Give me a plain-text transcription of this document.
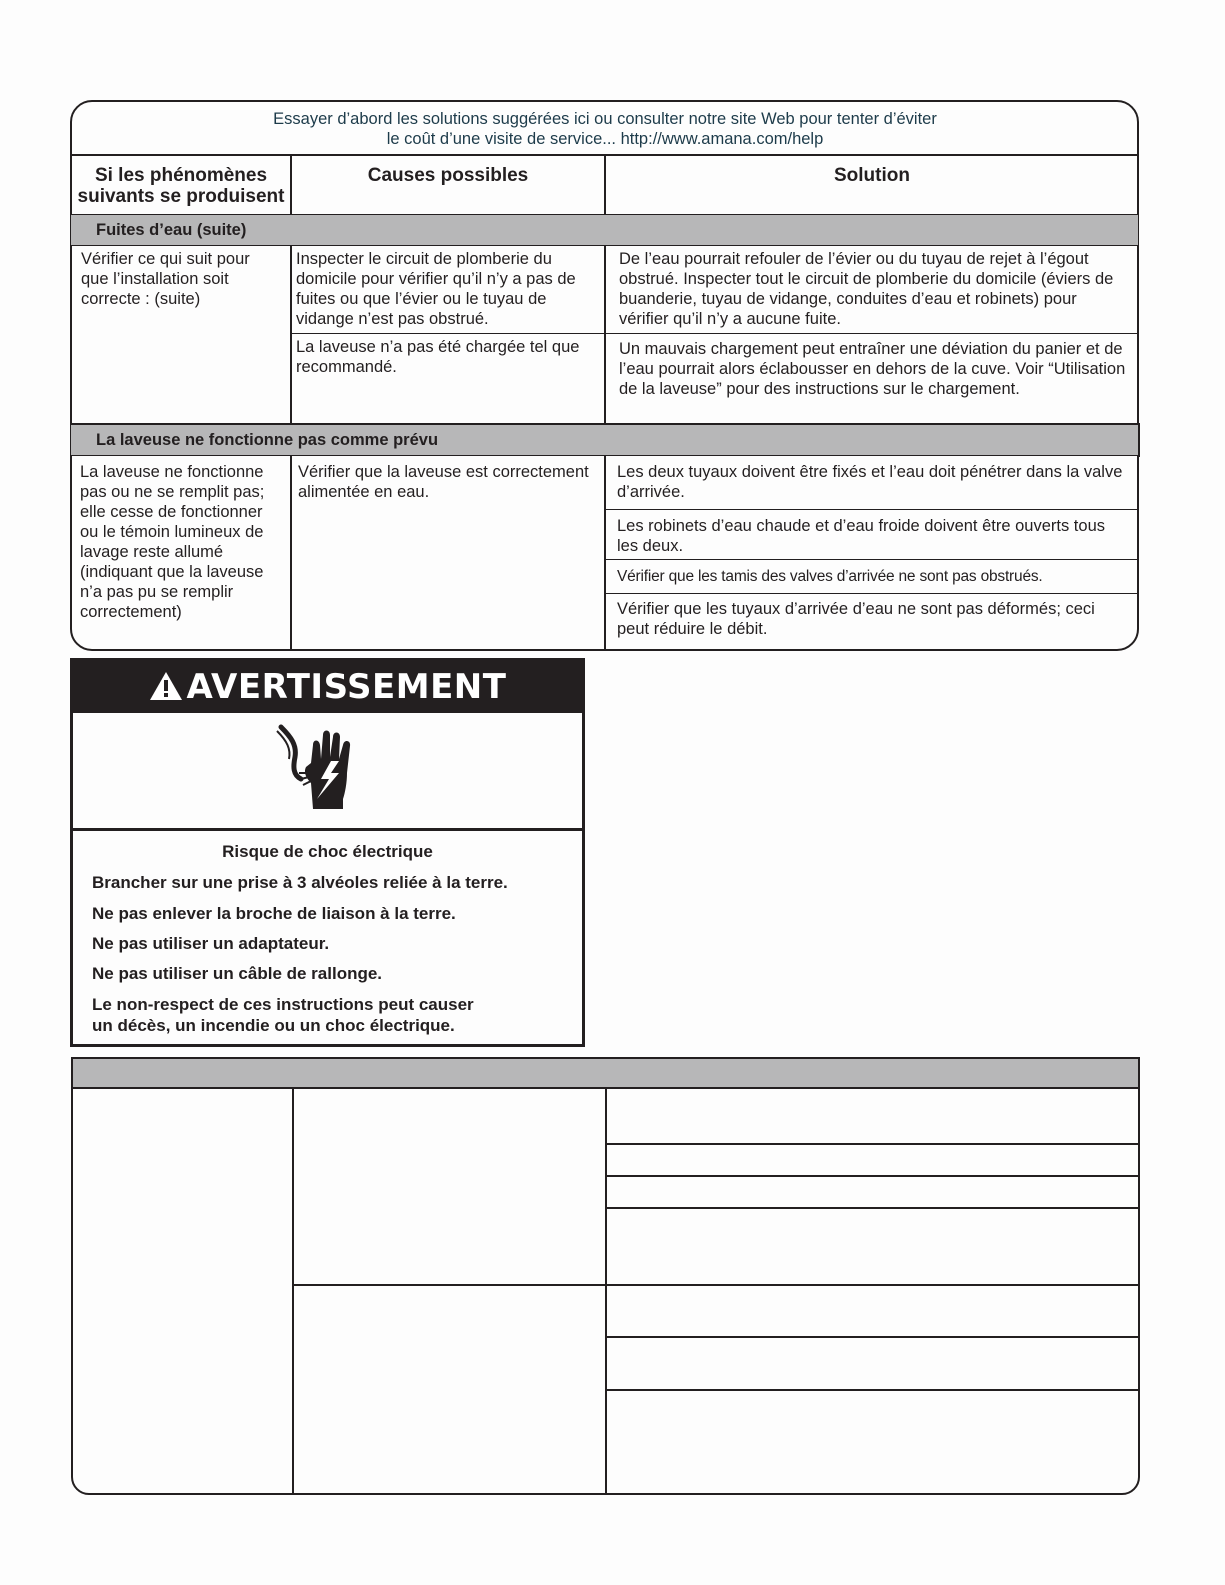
Essayer d’abord les solutions suggérées ici ou consulter notre site Web pour tenter d’éviter
le coût d’une visite de service... http://www.amana.com/help
Si les phénomènes
suivants se produisent
Causes possibles	Solution
Fuites d’eau (suite)
Vérifier ce qui suit pour que l’installation soit correcte : (suite)
Inspecter le circuit de plomberie du domicile pour vérifier qu’il n’y a pas de fuites ou que l’évier ou le tuyau de vidange n’est pas obstrué.
De l’eau pourrait refouler de l’évier ou du tuyau de rejet à l’égout obstrué. Inspecter tout le circuit de plomberie du domicile (éviers de buanderie, tuyau de vidange, conduites d’eau et robinets) pour vérifier qu’il n’y a aucune fuite.
La laveuse n’a pas été chargée tel que recommandé.
Un mauvais chargement peut entraîner une déviation du panier et de l’eau pourrait alors éclabousser en dehors de la cuve. Voir “Utilisation de la laveuse” pour des instructions sur le chargement.
La laveuse ne fonctionne pas comme prévu
La laveuse ne fonctionne pas ou ne se remplit pas; elle cesse de fonctionner ou le témoin lumineux de lavage reste allumé (indiquant que la laveuse n’a pas pu se remplir correctement)
Vérifier que la laveuse est correctement alimentée en eau.
Les deux tuyaux doivent être fixés et l’eau doit pénétrer dans la valve d’arrivée.
Les robinets d’eau chaude et d’eau froide doivent être ouverts tous les deux.
Vérifier que les tamis des valves d’arrivée ne sont pas obstrués.
Vérifier que les tuyaux d’arrivée d’eau ne sont pas déformés; ceci peut réduire le débit.
AVERTISSEMENT
Risque de choc électrique
Brancher sur une prise à 3 alvéoles reliée à la terre.
Ne pas enlever la broche de liaison à la terre.
Ne pas utiliser un adaptateur.
Ne pas utiliser un câble de rallonge.
Le non-respect de ces instructions peut causer
un décès, un incendie ou un choc électrique.
